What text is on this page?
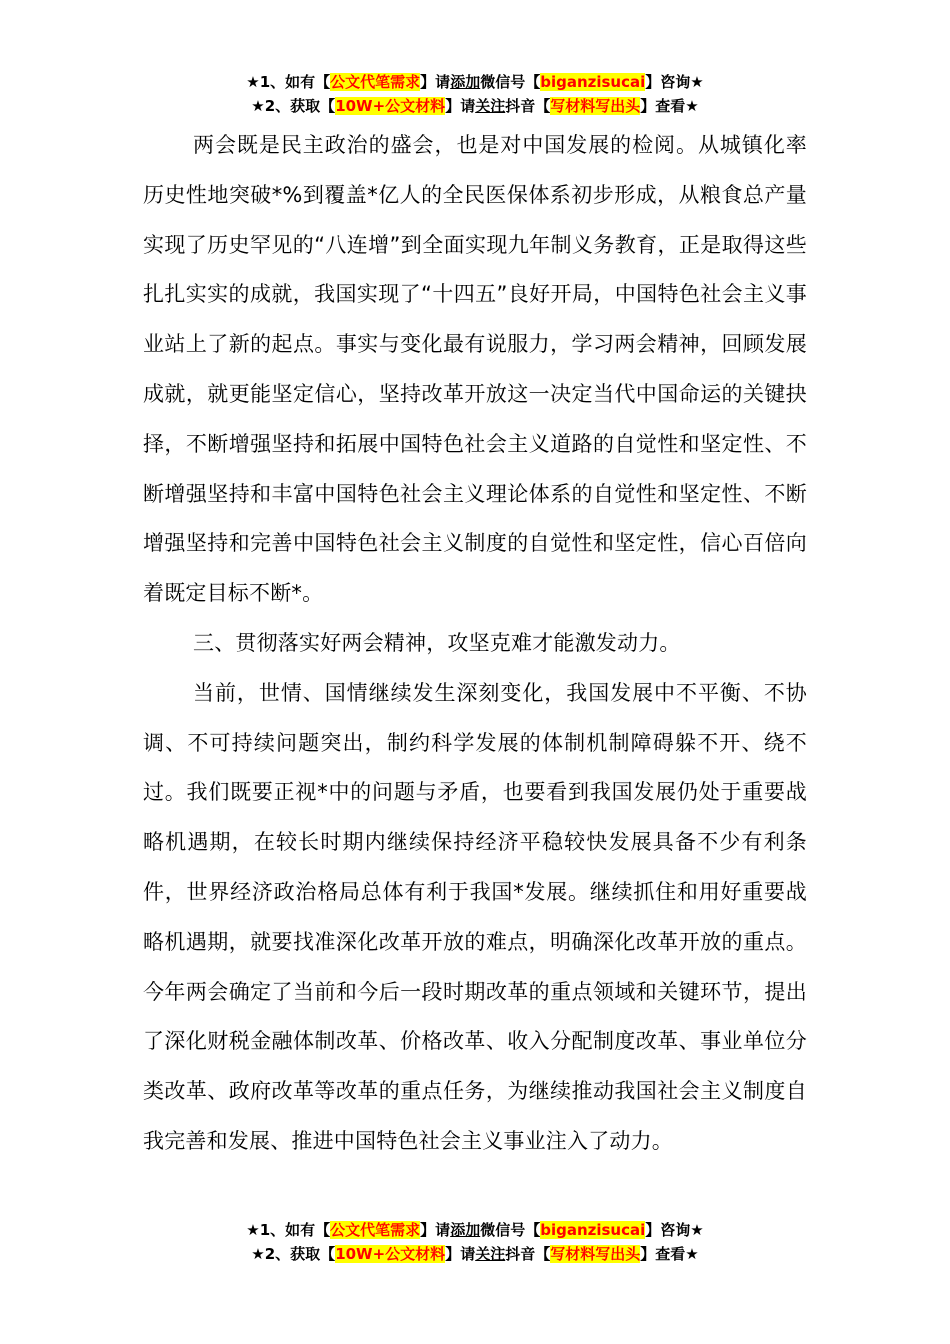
★1、如有【公文代笔需求】请添加微信号【biganzisucai】咨询★
★2、获取【10W+公文材料】请关注抖音【写材料写出头】查看★

两会既是民主政治的盛会，也是对中国发展的检阅。从城镇化率历史性地突破*%到覆盖*亿人的全民医保体系初步形成，从粮食总产量实现了历史罕见的“八连增”到全面实现九年制义务教育，正是取得这些扎扎实实的成就，我国实现了“十四五”良好开局，中国特色社会主义事业站上了新的起点。事实与变化最有说服力，学习两会精神，回顾发展成就，就更能坚定信心，坚持改革开放这一决定当代中国命运的关键抉择，不断增强坚持和拓展中国特色社会主义道路的自觉性和坚定性、不断增强坚持和丰富中国特色社会主义理论体系的自觉性和坚定性、不断增强坚持和完善中国特色社会主义制度的自觉性和坚定性，信心百倍向着既定目标不断*。

三、贯彻落实好两会精神，攻坚克难才能激发动力。

当前，世情、国情继续发生深刻变化，我国发展中不平衡、不协调、不可持续问题突出，制约科学发展的体制机制障碍躲不开、绕不过。我们既要正视*中的问题与矛盾，也要看到我国发展仍处于重要战略机遇期，在较长时期内继续保持经济平稳较快发展具备不少有利条件，世界经济政治格局总体有利于我国*发展。继续抓住和用好重要战略机遇期，就要找准深化改革开放的难点，明确深化改革开放的重点。今年两会确定了当前和今后一段时期改革的重点领域和关键环节，提出了深化财税金融体制改革、价格改革、收入分配制度改革、事业单位分类改革、政府改革等改革的重点任务，为继续推动我国社会主义制度自我完善和发展、推进中国特色社会主义事业注入了动力。

★1、如有【公文代笔需求】请添加微信号【biganzisucai】咨询★
★2、获取【10W+公文材料】请关注抖音【写材料写出头】查看★
